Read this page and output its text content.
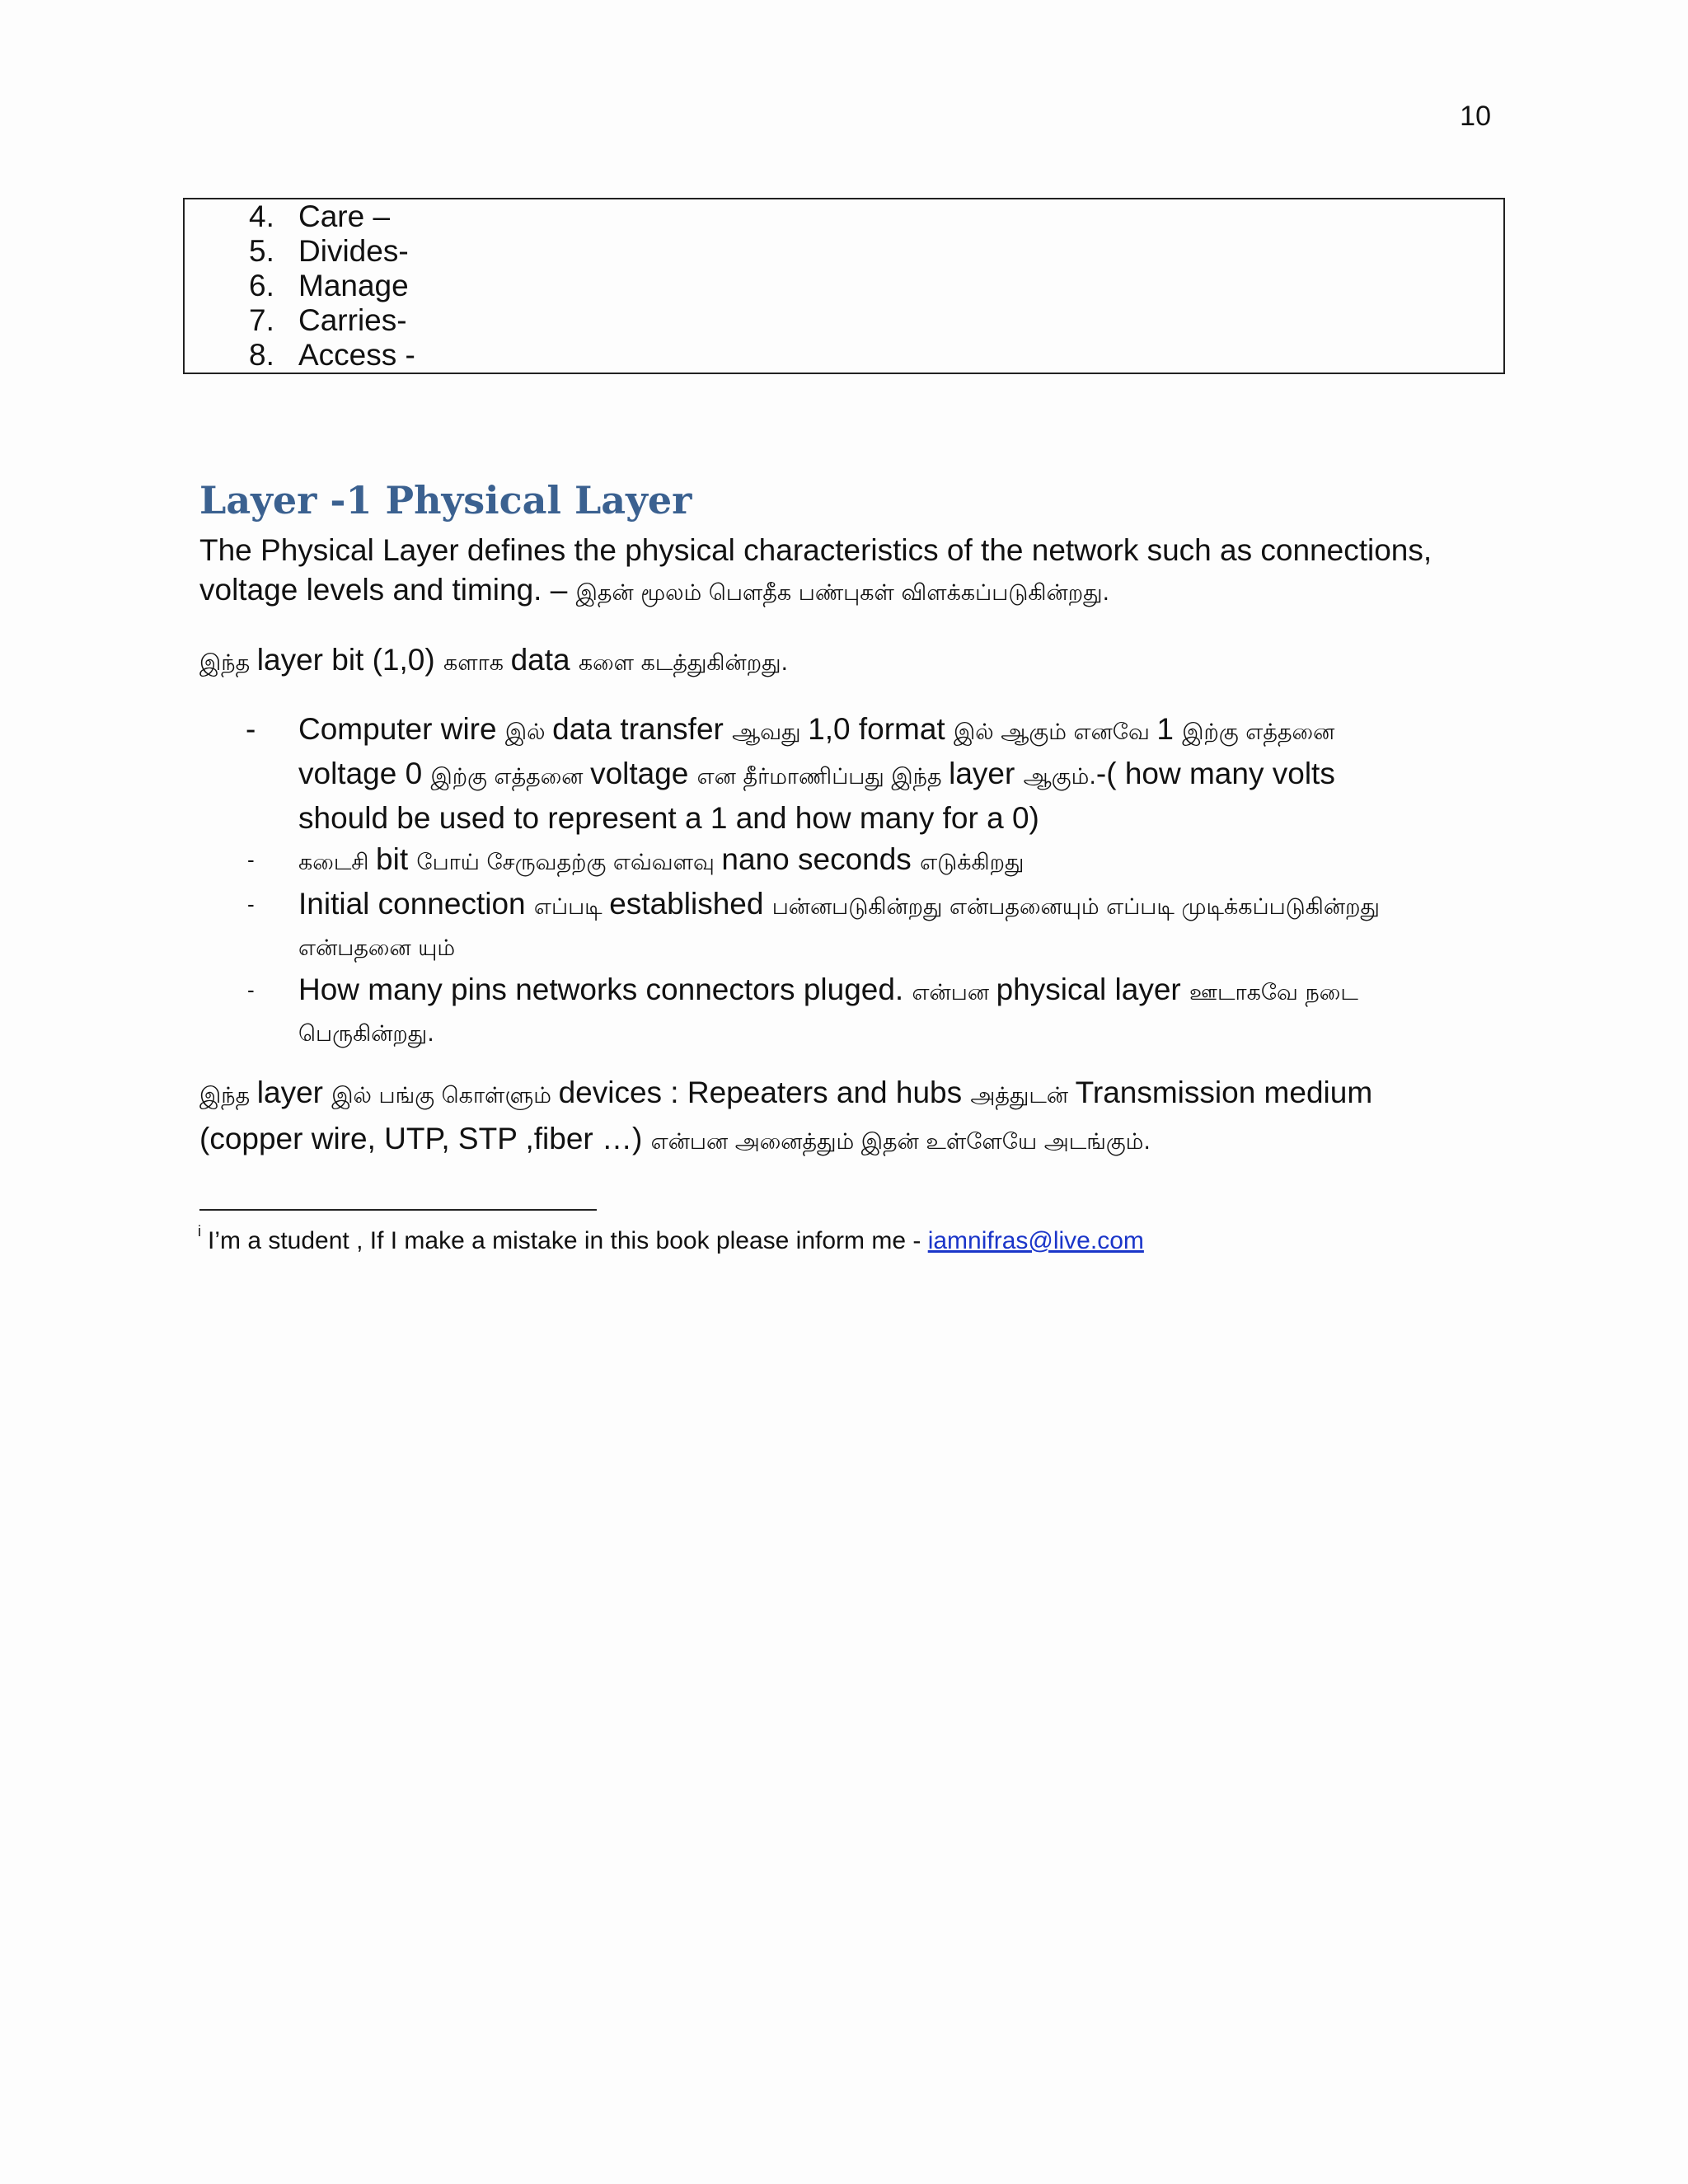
10
4. Care –
5. Divides-
6. Manage
7. Carries-
8. Access -
Layer -1 Physical Layer
The Physical Layer defines the physical characteristics of the network such as connections,
voltage levels and timing. – இதன் மூலம் பௌதீக பண்புகள் விளக்கப்படுகின்றது.
இந்த layer bit (1,0) களாக data களை கடத்துகின்றது.
- Computer wire இல் data transfer ஆவது 1,0 format இல் ஆகும் எனவே 1 இற்கு எத்தனை
voltage 0 இற்கு எத்தனை voltage என தீர்மாணிப்பது இந்த layer ஆகும்.-( how many volts
should be used to represent a 1 and how many for a 0)
- கடைசி bit போய் சேருவதற்கு எவ்வளவு nano seconds எடுக்கிறது
- Initial connection எப்படி established பன்னபடுகின்றது என்பதனையும் எப்படி முடிக்கப்படுகின்றது
என்பதனை யும்
- How many pins networks connectors pluged. என்பன physical layer ஊடாகவே நடை
பெருகின்றது.
இந்த layer இல் பங்கு கொள்ளும் devices : Repeaters and hubs அத்துடன் Transmission medium
(copper wire, UTP, STP ,fiber …) என்பன அனைத்தும் இதன் உள்ளேயே அடங்கும்.
$^i$ I’m a student , If I make a mistake in this book please inform me - iamnifras@live.com
